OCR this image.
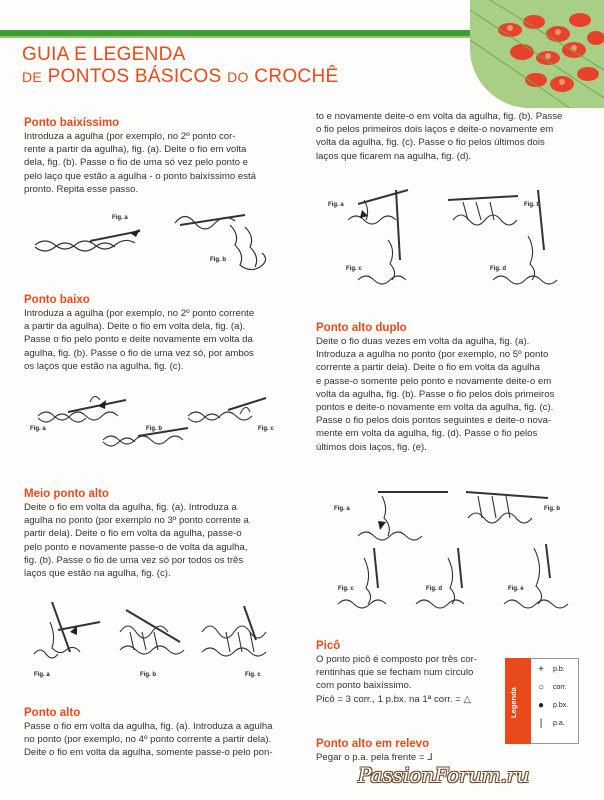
GUIA E LEGENDA
DE PONTOS BÁSICOS DO CROCHÊ
Ponto baixíssimo
Introduza a agulha (por exemplo, no 2º ponto cor-
rente a partir da agulha), fig. (a). Deite o fio em volta
dela, fig. (b). Passe o fio de uma só vez pelo ponto e
pelo laço que estão a agulha - o ponto baixíssimo está
pronto. Repita esse passo.
Fig. a
Fig. b
Ponto baixo
Introduza a agulha (por exemplo, no 2º ponto corrente
a partir da agulha). Deite o fio em volta dela, fig. (a).
Passe o fio pelo ponto e deite novamente em volta da
agulha, fig. (b). Passe o fio de uma vez só, por ambos
os laços que estão na agulha, fig. (c).
Fig. a	Fig. b	Fig. c
Meio ponto alto
Deite o fio em volta da agulha, fig. (a). Introduza a
agulha no ponto (por exemplo no 3º ponto corrente a
partir dela). Deite o fio em volta da agulha, passe-o
pelo ponto e novamente passe-o de volta da agulha,
fig. (b). Passe o fio de uma vez só por todos os três
laços que estão na agulha, fig. (c).
Fig. a	Fig. b	Fig. c
Ponto alto
Passe o fio em volta da agulha, fig. (a). Introduza a agulha
no ponto (por exemplo, no 4º ponto corrente a partir dela).
Deite o fio em volta da agulha, somente passe-o pelo pon-
to e novamente deite-o em volta da agulha, fig. (b). Passe
o fio pelos primeiros dois laços e deite-o novamente em
volta da agulha, fig. (c). Passe o fio pelos últimos dois
laços que ficarem na agulha, fig. (d).
Fig. a	Fig. b
Fig. c	Fig. d
Ponto alto duplo
Deite o fio duas vezes em volta da agulha, fig. (a).
Introduza a agulha no ponto (por exemplo, no 5º ponto
corrente a partir dela). Deite o fio em volta da agulha
e passe-o somente pelo ponto e novamente deite-o em
volta da agulha, fig. (b). Passe o fio pelos dois primeiros
pontos e deite-o novamente em volta da agulha, fig. (c).
Passe o fio pelos dois pontos seguintes e deite-o nova-
mente em volta da agulha, fig. (d). Passe o fio pelos
últimos dois laços, fig. (e).
Fig. a	Fig. b
Fig. c	Fig. d	Fig. e
Picô
O ponto picô é composto por três cor-
rentinhas que se fecham num círculo
com ponto baixíssimo.
Picô = 3 corr., 1 p.bx. na 1ª corr. = △
Ponto alto em relevo
Pegar o p.a. pela frente = ⅃
Legenda
+	p.b.
○	corr.
●	p.bx.
|	p.a.
PassionForum.ru
